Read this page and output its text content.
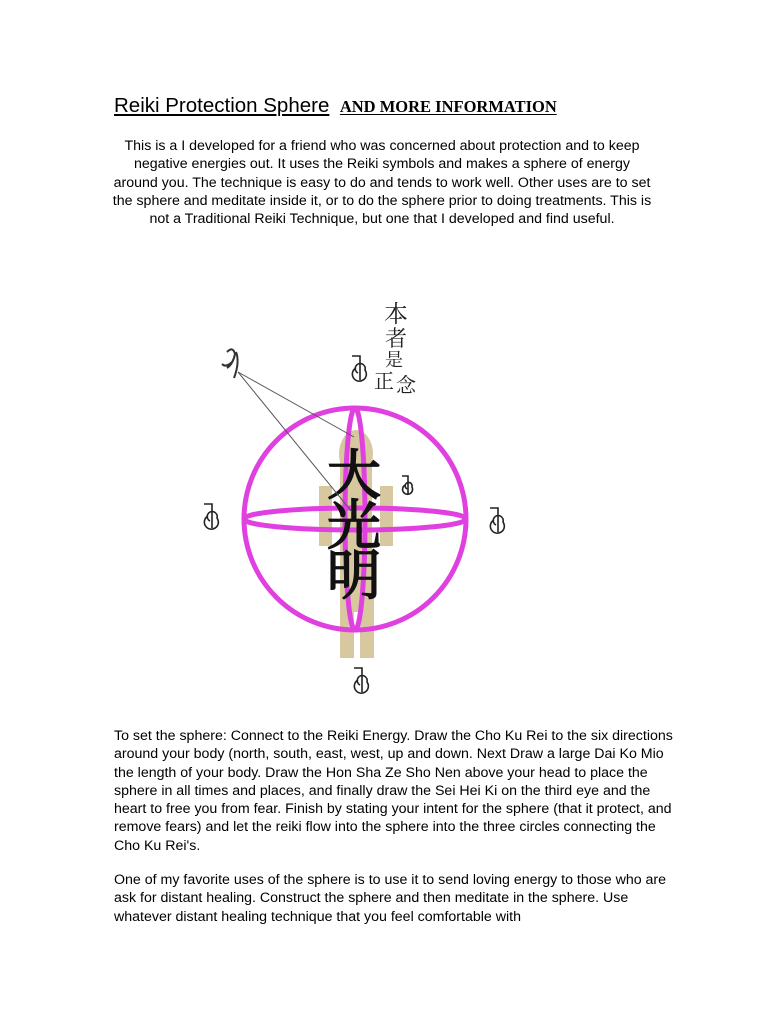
Reiki Protection Sphere AND MORE INFORMATION

This is a I developed for a friend who was concerned about protection and to keep negative energies out. It uses the Reiki symbols and makes a sphere of energy around you. The technique is easy to do and tends to work well. Other uses are to set the sphere and meditate inside it, or to do the sphere prior to doing treatments. This is not a Traditional Reiki Technique, but one that I developed and find useful.

大
光
明
本
者
是
正 念

To set the sphere: Connect to the Reiki Energy. Draw the Cho Ku Rei to the six directions around your body (north, south, east, west, up and down. Next Draw a large Dai Ko Mio the length of your body. Draw the Hon Sha Ze Sho Nen above your head to place the sphere in all times and places, and finally draw the Sei Hei Ki on the third eye and the heart to free you from fear. Finish by stating your intent for the sphere (that it protect, and remove fears) and let the reiki flow into the sphere into the three circles connecting the Cho Ku Rei's.

One of my favorite uses of the sphere is to use it to send loving energy to those who are ask for distant healing. Construct the sphere and then meditate in the sphere. Use whatever distant healing technique that you feel comfortable with
